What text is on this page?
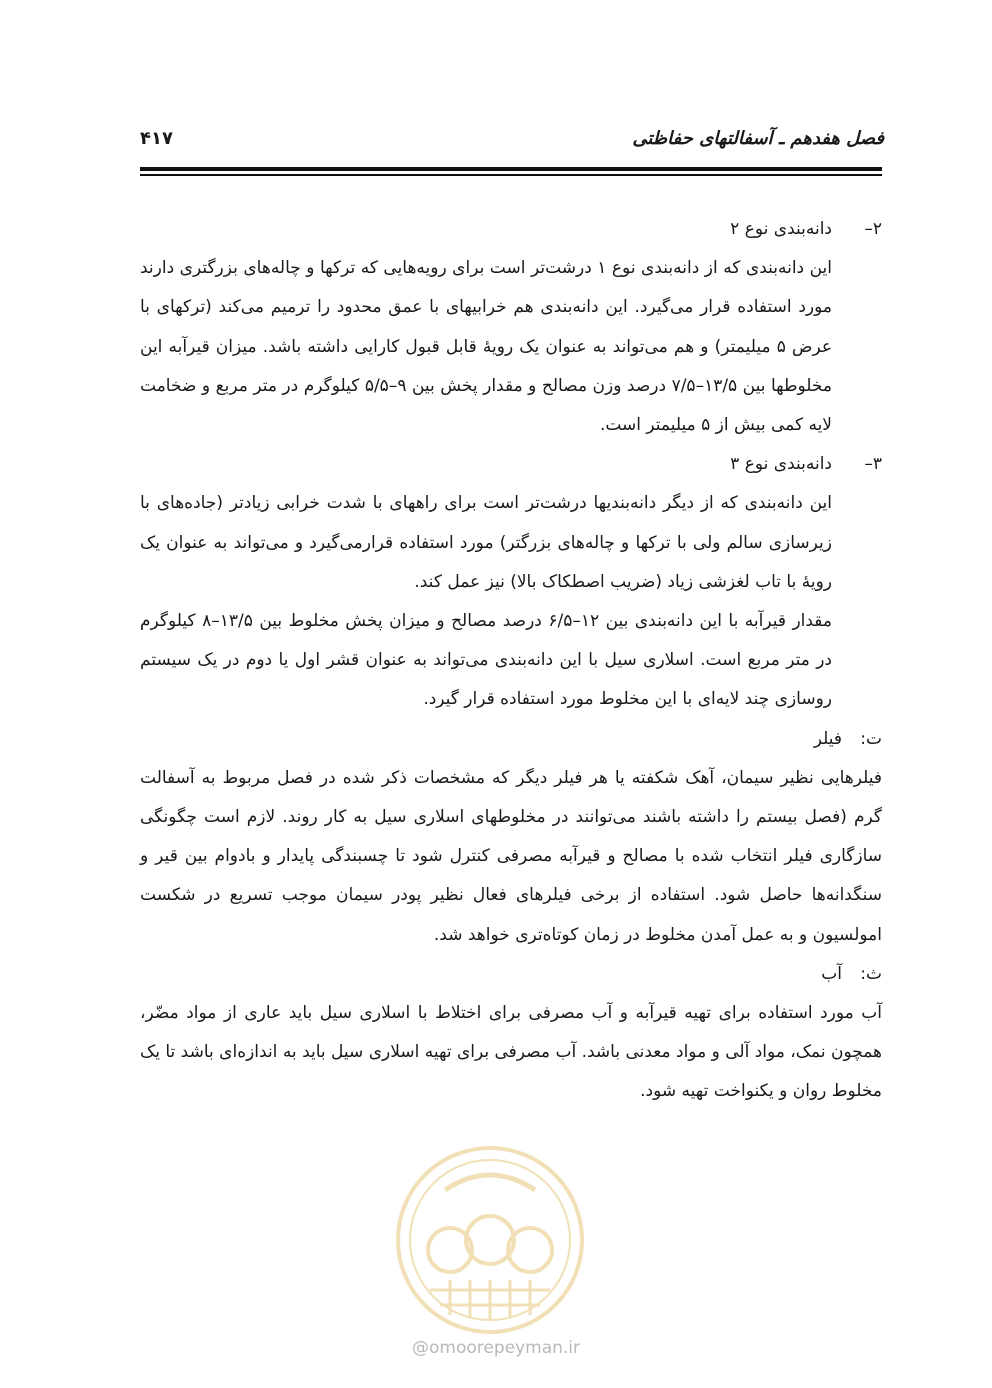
فصل هفدهم ـ آسفالتهای حفاظتی
۴۱۷

۲–دانه‌بندی نوع ۲

این دانه‌بندی که از دانه‌بندی نوع ۱ درشت‌تر است برای رویه‌هایی که ترکها و چاله‌های بزرگتری دارند مورد استفاده قرار می‌گیرد. این دانه‌بندی هم خرابیهای با عمق محدود را ترمیم می‌کند (ترکهای با عرض ۵ میلیمتر) و هم می‌تواند به عنوان یک رویهٔ قابل قبول کارایی داشته باشد. میزان قیرآبه این مخلوطها بین ۱۳/۵–۷/۵ درصد وزن مصالح و مقدار پخش بین ۹–۵/۵ کیلوگرم در متر مربع و ضخامت لایه کمی بیش از ۵ میلیمتر است.

۳–دانه‌بندی نوع ۳

این دانه‌بندی که از دیگر دانه‌بندیها درشت‌تر است برای راههای با شدت خرابی زیادتر (جاده‌های با زیرسازی سالم ولی با ترکها و چاله‌های بزرگتر) مورد استفاده قرارمی‌گیرد و می‌تواند به عنوان یک رویهٔ با تاب لغزشی زیاد (ضریب اصطکاک بالا) نیز عمل کند.

مقدار قیرآبه با این دانه‌بندی بین ۱۲–۶/۵ درصد مصالح و میزان پخش مخلوط بین ۱۳/۵–۸ کیلوگرم در متر مربع است. اسلاری سیل با این دانه‌بندی می‌تواند به عنوان قشر اول یا دوم در یک سیستم روسازی چند لایه‌ای با این مخلوط مورد استفاده قرار گیرد.

ت:فیلر

فیلرهایی نظیر سیمان، آهک شکفته یا هر فیلر دیگر که مشخصات ذکر شده در فصل مربوط به آسفالت گرم (فصل بیستم را داشته باشند می‌توانند در مخلوطهای اسلاری سیل به کار روند. لازم است چگونگی سازگاری فیلر انتخاب شده با مصالح و قیرآبه مصرفی کنترل شود تا چسبندگی پایدار و بادوام بین قیر و سنگدانه‌ها حاصل شود. استفاده از برخی فیلرهای فعال نظیر پودر سیمان موجب تسریع در شکست امولسیون و به عمل آمدن مخلوط در زمان کوتاه‌تری خواهد شد.

ث:آب

آب مورد استفاده برای تهیه قیرآبه و آب مصرفی برای اختلاط با اسلاری سیل باید عاری از مواد مضّر، همچون نمک، مواد آلی و مواد معدنی باشد. آب مصرفی برای تهیه اسلاری سیل باید به اندازه‌ای باشد تا یک مخلوط روان و یکنواخت تهیه شود.

@omoorepeyman.ir
